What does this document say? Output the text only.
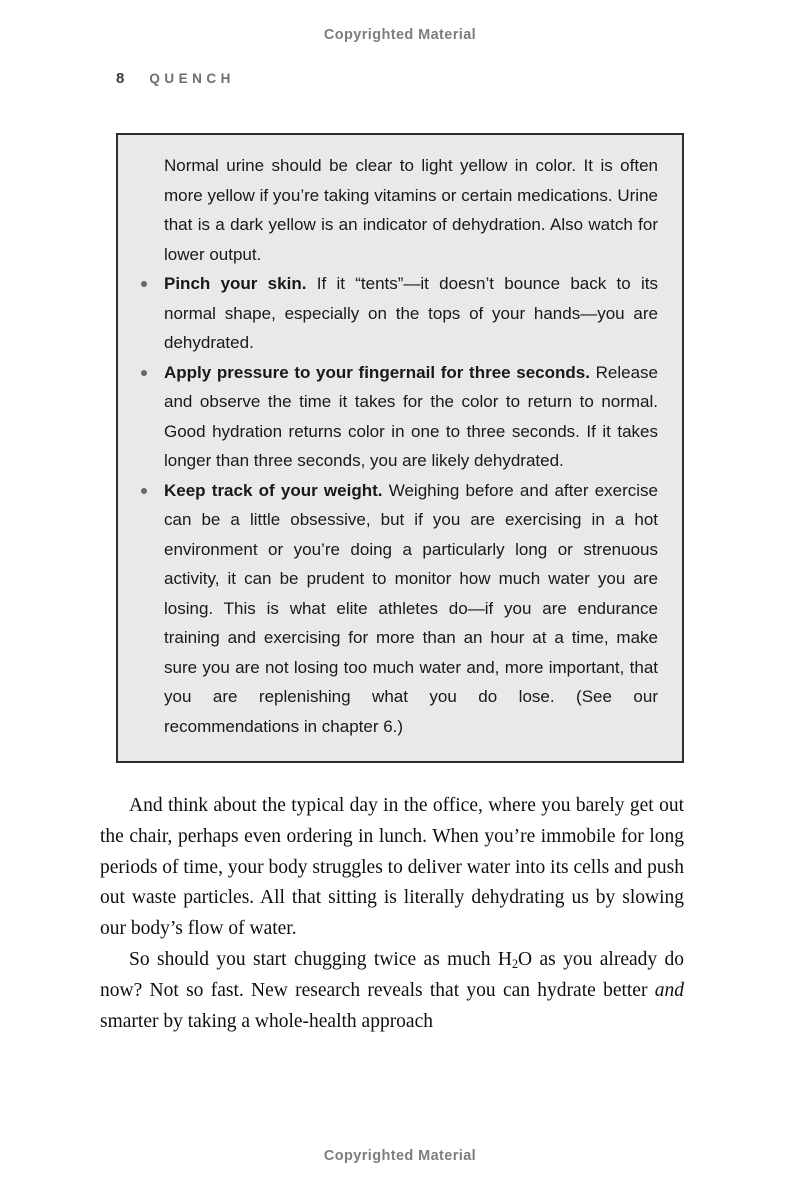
Copyrighted Material
8 QUENCH

Normal urine should be clear to light yellow in color. It is often more yellow if you’re taking vitamins or certain medications. Urine that is a dark yellow is an indicator of dehydration. Also watch for lower output.

Pinch your skin. If it “tents”—it doesn’t bounce back to its normal shape, especially on the tops of your hands—you are dehydrated.

Apply pressure to your fingernail for three seconds. Release and observe the time it takes for the color to return to normal. Good hydration returns color in one to three seconds. If it takes longer than three seconds, you are likely dehydrated.

Keep track of your weight. Weighing before and after exercise can be a little obsessive, but if you are exercising in a hot environment or you’re doing a particularly long or strenuous activity, it can be prudent to monitor how much water you are losing. This is what elite athletes do—if you are endurance training and exercising for more than an hour at a time, make sure you are not losing too much water and, more important, that you are replenishing what you do lose. (See our recommendations in chapter 6.)

And think about the typical day in the office, where you barely get out the chair, perhaps even ordering in lunch. When you’re immobile for long periods of time, your body struggles to deliver water into its cells and push out waste particles. All that sitting is literally dehydrating us by slowing our body’s flow of water.

So should you start chugging twice as much $H_2O$ as you already do now? Not so fast. New research reveals that you can hydrate better and smarter by taking a whole-health approach

Copyrighted Material
